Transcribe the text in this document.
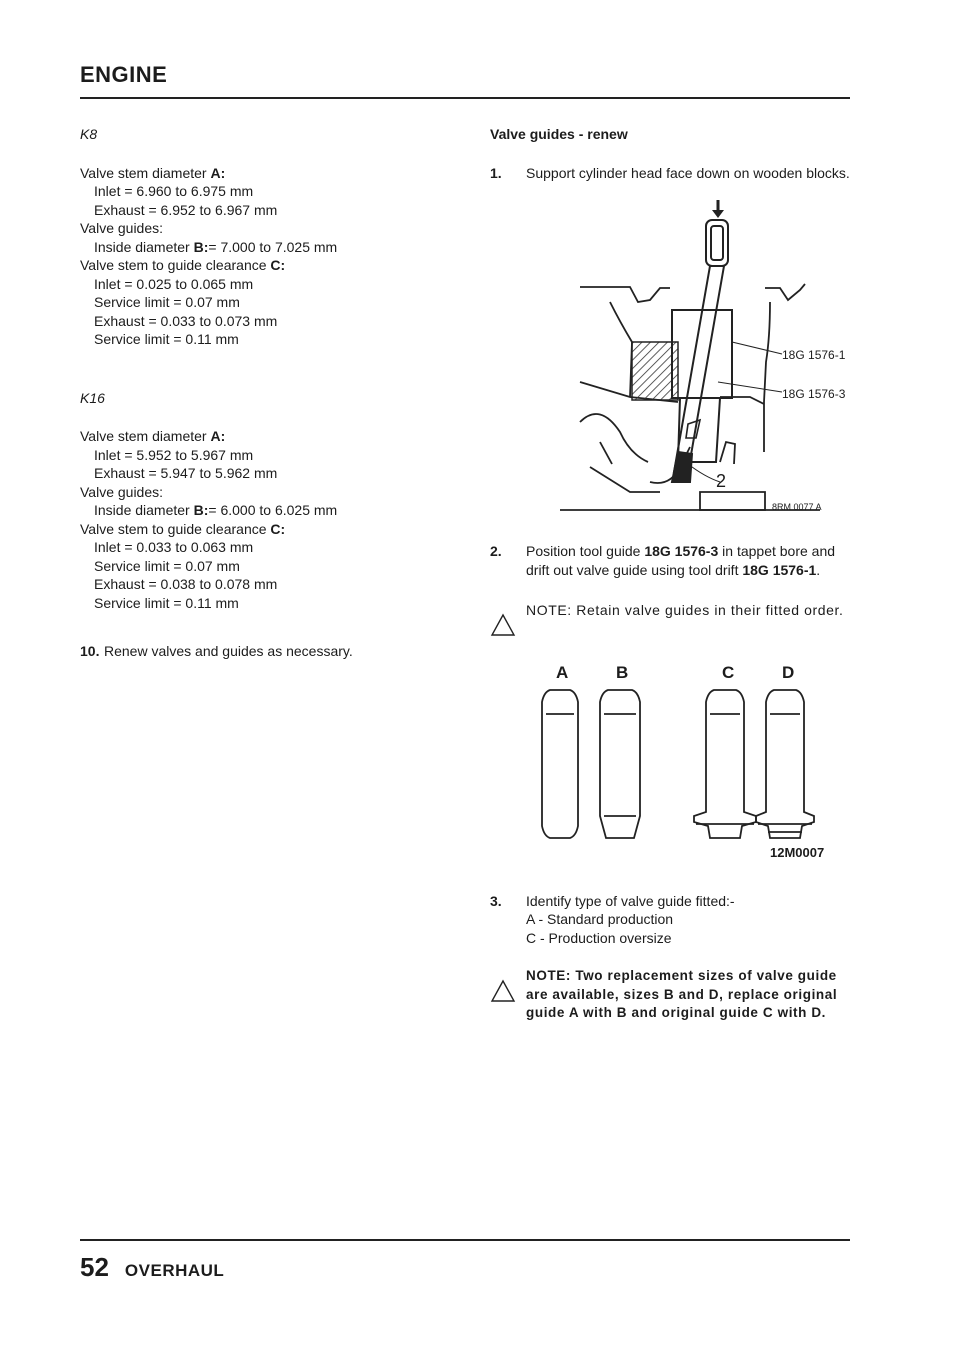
ENGINE

K8

Valve stem diameter A:

Inlet = 6.960 to 6.975 mm

Exhaust = 6.952 to 6.967 mm

Valve guides:

Inside diameter B:= 7.000 to 7.025 mm

Valve stem to guide clearance C:

Inlet = 0.025 to 0.065 mm

Service limit = 0.07 mm

Exhaust = 0.033 to 0.073 mm

Service limit = 0.11 mm

K16

Valve stem diameter A:

Inlet = 5.952 to 5.967 mm

Exhaust = 5.947 to 5.962 mm

Valve guides:

Inside diameter B:= 6.000 to 6.025 mm

Valve stem to guide clearance C:

Inlet = 0.033 to 0.063 mm

Service limit = 0.07 mm

Exhaust = 0.038 to 0.078 mm

Service limit = 0.11 mm

10. Renew valves and guides as necessary.

Valve guides - renew

1.	Support cylinder head face down on wooden blocks.
18G 1576-1
18G 1576-3
2
8RM 0077 A
2.	Position tool guide 18G 1576-3 in tappet bore and drift out valve guide using tool drift 18G 1576-1.
NOTE: Retain valve guides in their fitted order.
A	B	C	D
12M0007
3.	Identify type of valve guide fitted:-
A - Standard production
C - Production oversize
NOTE: Two replacement sizes of valve guide are available, sizes B and D, replace original guide A with B and original guide C with D.
52 OVERHAUL
